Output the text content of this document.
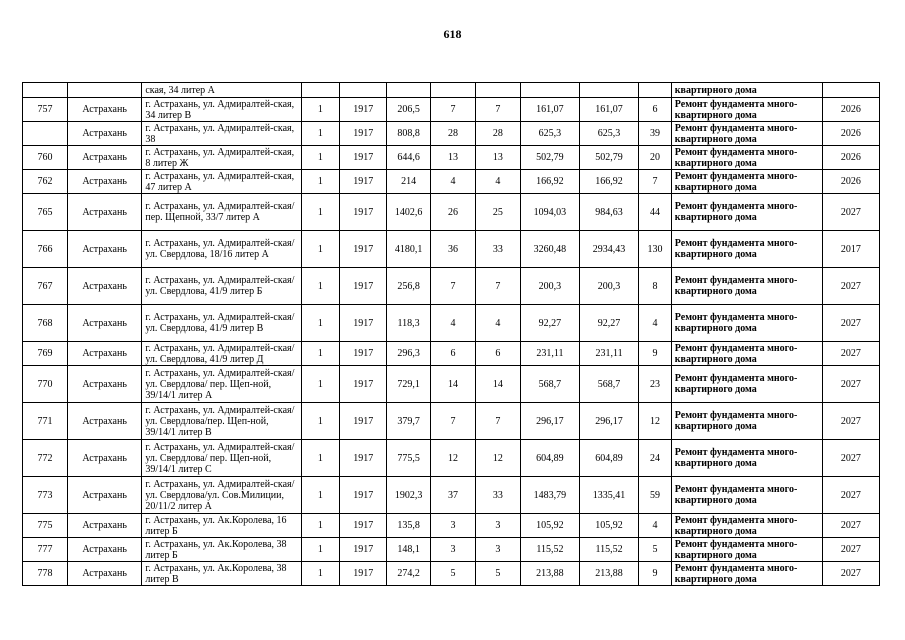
618
		ская, 34 литер А									квартирного дома	
757	Астрахань	г. Астрахань, ул. Адмиралтей-ская, 34 литер В	1	1917	206,5	7	7	161,07	161,07	6	Ремонт фундамента много-квартирного дома	2026
	Астрахань	г. Астрахань, ул. Адмиралтей-ская, 38	1	1917	808,8	28	28	625,3	625,3	39	Ремонт фундамента много-квартирного дома	2026
760	Астрахань	г. Астрахань, ул. Адмиралтей-ская, 8 литер Ж	1	1917	644,6	13	13	502,79	502,79	20	Ремонт фундамента много-квартирного дома	2026
762	Астрахань	г. Астрахань, ул. Адмиралтей-ская, 47 литер А	1	1917	214	4	4	166,92	166,92	7	Ремонт фундамента много-квартирного дома	2026
765	Астрахань	г. Астрахань, ул. Адмиралтей-ская/ пер. Щепной, 33/7 литер А	1	1917	1402,6	26	25	1094,03	984,63	44	Ремонт фундамента много-квартирного дома	2027
766	Астрахань	г. Астрахань, ул. Адмиралтей-ская/ул. Свердлова, 18/16 литер А	1	1917	4180,1	36	33	3260,48	2934,43	130	Ремонт фундамента много-квартирного дома	2017
767	Астрахань	г. Астрахань, ул. Адмиралтей-ская/ ул. Свердлова, 41/9 литер Б	1	1917	256,8	7	7	200,3	200,3	8	Ремонт фундамента много-квартирного дома	2027
768	Астрахань	г. Астрахань, ул. Адмиралтей-ская/ ул. Свердлова, 41/9 литер В	1	1917	118,3	4	4	92,27	92,27	4	Ремонт фундамента много-квартирного дома	2027
769	Астрахань	г. Астрахань, ул. Адмиралтей-ская/ул. Свердлова, 41/9 литер Д	1	1917	296,3	6	6	231,11	231,11	9	Ремонт фундамента много-квартирного дома	2027
770	Астрахань	г. Астрахань, ул. Адмиралтей-ская/ул. Свердлова/ пер. Щеп-ной, 39/14/1 литер А	1	1917	729,1	14	14	568,7	568,7	23	Ремонт фундамента много-квартирного дома	2027
771	Астрахань	г. Астрахань, ул. Адмиралтей-ская/ул. Свердлова/пер. Щеп-ной, 39/14/1 литер В	1	1917	379,7	7	7	296,17	296,17	12	Ремонт фундамента много-квартирного дома	2027
772	Астрахань	г. Астрахань, ул. Адмиралтей-ская/ул. Свердлова/ пер. Щеп-ной, 39/14/1 литер С	1	1917	775,5	12	12	604,89	604,89	24	Ремонт фундамента много-квартирного дома	2027
773	Астрахань	г. Астрахань, ул. Адмиралтей-ская/ул. Свердлова/ул. Сов.Милиции, 20/11/2 литер А	1	1917	1902,3	37	33	1483,79	1335,41	59	Ремонт фундамента много-квартирного дома	2027
775	Астрахань	г. Астрахань, ул. Ак.Королева, 16 литер Б	1	1917	135,8	3	3	105,92	105,92	4	Ремонт фундамента много-квартирного дома	2027
777	Астрахань	г. Астрахань, ул. Ак.Королева, 38 литер Б	1	1917	148,1	3	3	115,52	115,52	5	Ремонт фундамента много-квартирного дома	2027
778	Астрахань	г. Астрахань, ул. Ак.Королева, 38 литер В	1	1917	274,2	5	5	213,88	213,88	9	Ремонт фундамента много-квартирного дома	2027
